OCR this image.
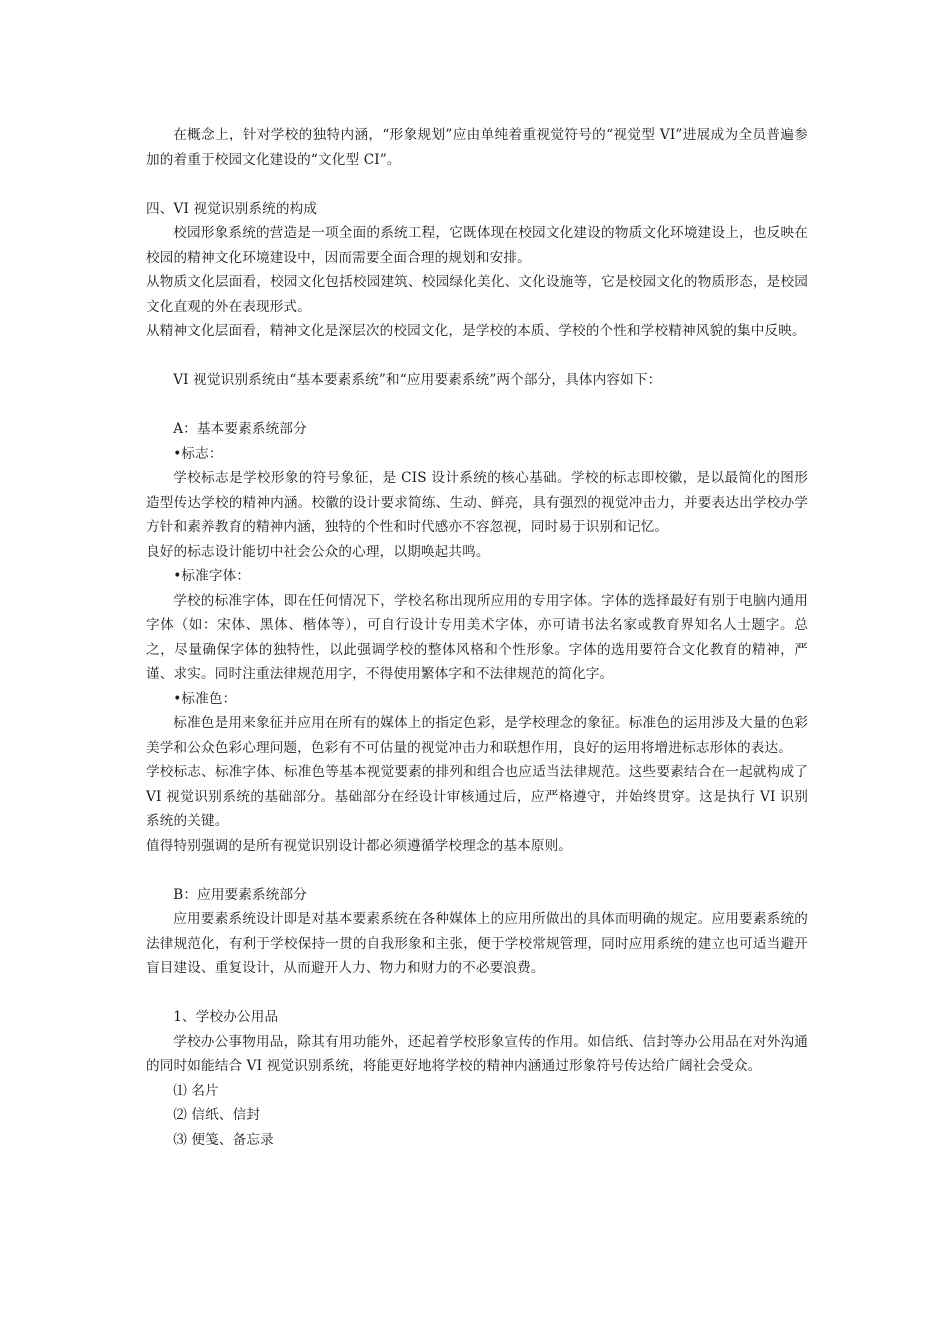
在概念上，针对学校的独特内涵，“形象规划”应由单纯着重视觉符号的“视觉型 VI”进展成为全员普遍参加的着重于校园文化建设的“文化型 CI”。

四、VI 视觉识别系统的构成

校园形象系统的营造是一项全面的系统工程，它既体现在校园文化建设的物质文化环境建设上，也反映在校园的精神文化环境建设中，因而需要全面合理的规划和安排。

从物质文化层面看，校园文化包括校园建筑、校园绿化美化、文化设施等，它是校园文化的物质形态，是校园文化直观的外在表现形式。

从精神文化层面看，精神文化是深层次的校园文化，是学校的本质、学校的个性和学校精神风貌的集中反映。

VI 视觉识别系统由“基本要素系统”和“应用要素系统”两个部分，具体内容如下：

A：基本要素系统部分

•标志：

学校标志是学校形象的符号象征，是 CIS 设计系统的核心基础。学校的标志即校徽，是以最简化的图形造型传达学校的精神内涵。校徽的设计要求简练、生动、鲜亮，具有强烈的视觉冲击力，并要表达出学校办学方针和素养教育的精神内涵，独特的个性和时代感亦不容忽视，同时易于识别和记忆。

良好的标志设计能切中社会公众的心理，以期唤起共鸣。

•标准字体：

学校的标准字体，即在任何情况下，学校名称出现所应用的专用字体。字体的选择最好有别于电脑内通用字体（如：宋体、黑体、楷体等），可自行设计专用美术字体，亦可请书法名家或教育界知名人士题字。总之，尽量确保字体的独特性，以此强调学校的整体风格和个性形象。字体的选用要符合文化教育的精神，严谨、求实。同时注重法律规范用字，不得使用繁体字和不法律规范的简化字。

•标准色：

标准色是用来象征并应用在所有的媒体上的指定色彩，是学校理念的象征。标准色的运用涉及大量的色彩美学和公众色彩心理问题，色彩有不可估量的视觉冲击力和联想作用，良好的运用将增进标志形体的表达。

学校标志、标准字体、标准色等基本视觉要素的排列和组合也应适当法律规范。这些要素结合在一起就构成了 VI 视觉识别系统的基础部分。基础部分在经设计审核通过后，应严格遵守，并始终贯穿。这是执行 VI 识别系统的关键。

值得特别强调的是所有视觉识别设计都必须遵循学校理念的基本原则。

B：应用要素系统部分

应用要素系统设计即是对基本要素系统在各种媒体上的应用所做出的具体而明确的规定。应用要素系统的法律规范化，有利于学校保持一贯的自我形象和主张，便于学校常规管理，同时应用系统的建立也可适当避开盲目建设、重复设计，从而避开人力、物力和财力的不必要浪费。

1、学校办公用品

学校办公事物用品，除其有用功能外，还起着学校形象宣传的作用。如信纸、信封等办公用品在对外沟通的同时如能结合 VI 视觉识别系统，将能更好地将学校的精神内涵通过形象符号传达给广阔社会受众。

⑴ 名片

⑵ 信纸、信封

⑶ 便笺、备忘录
